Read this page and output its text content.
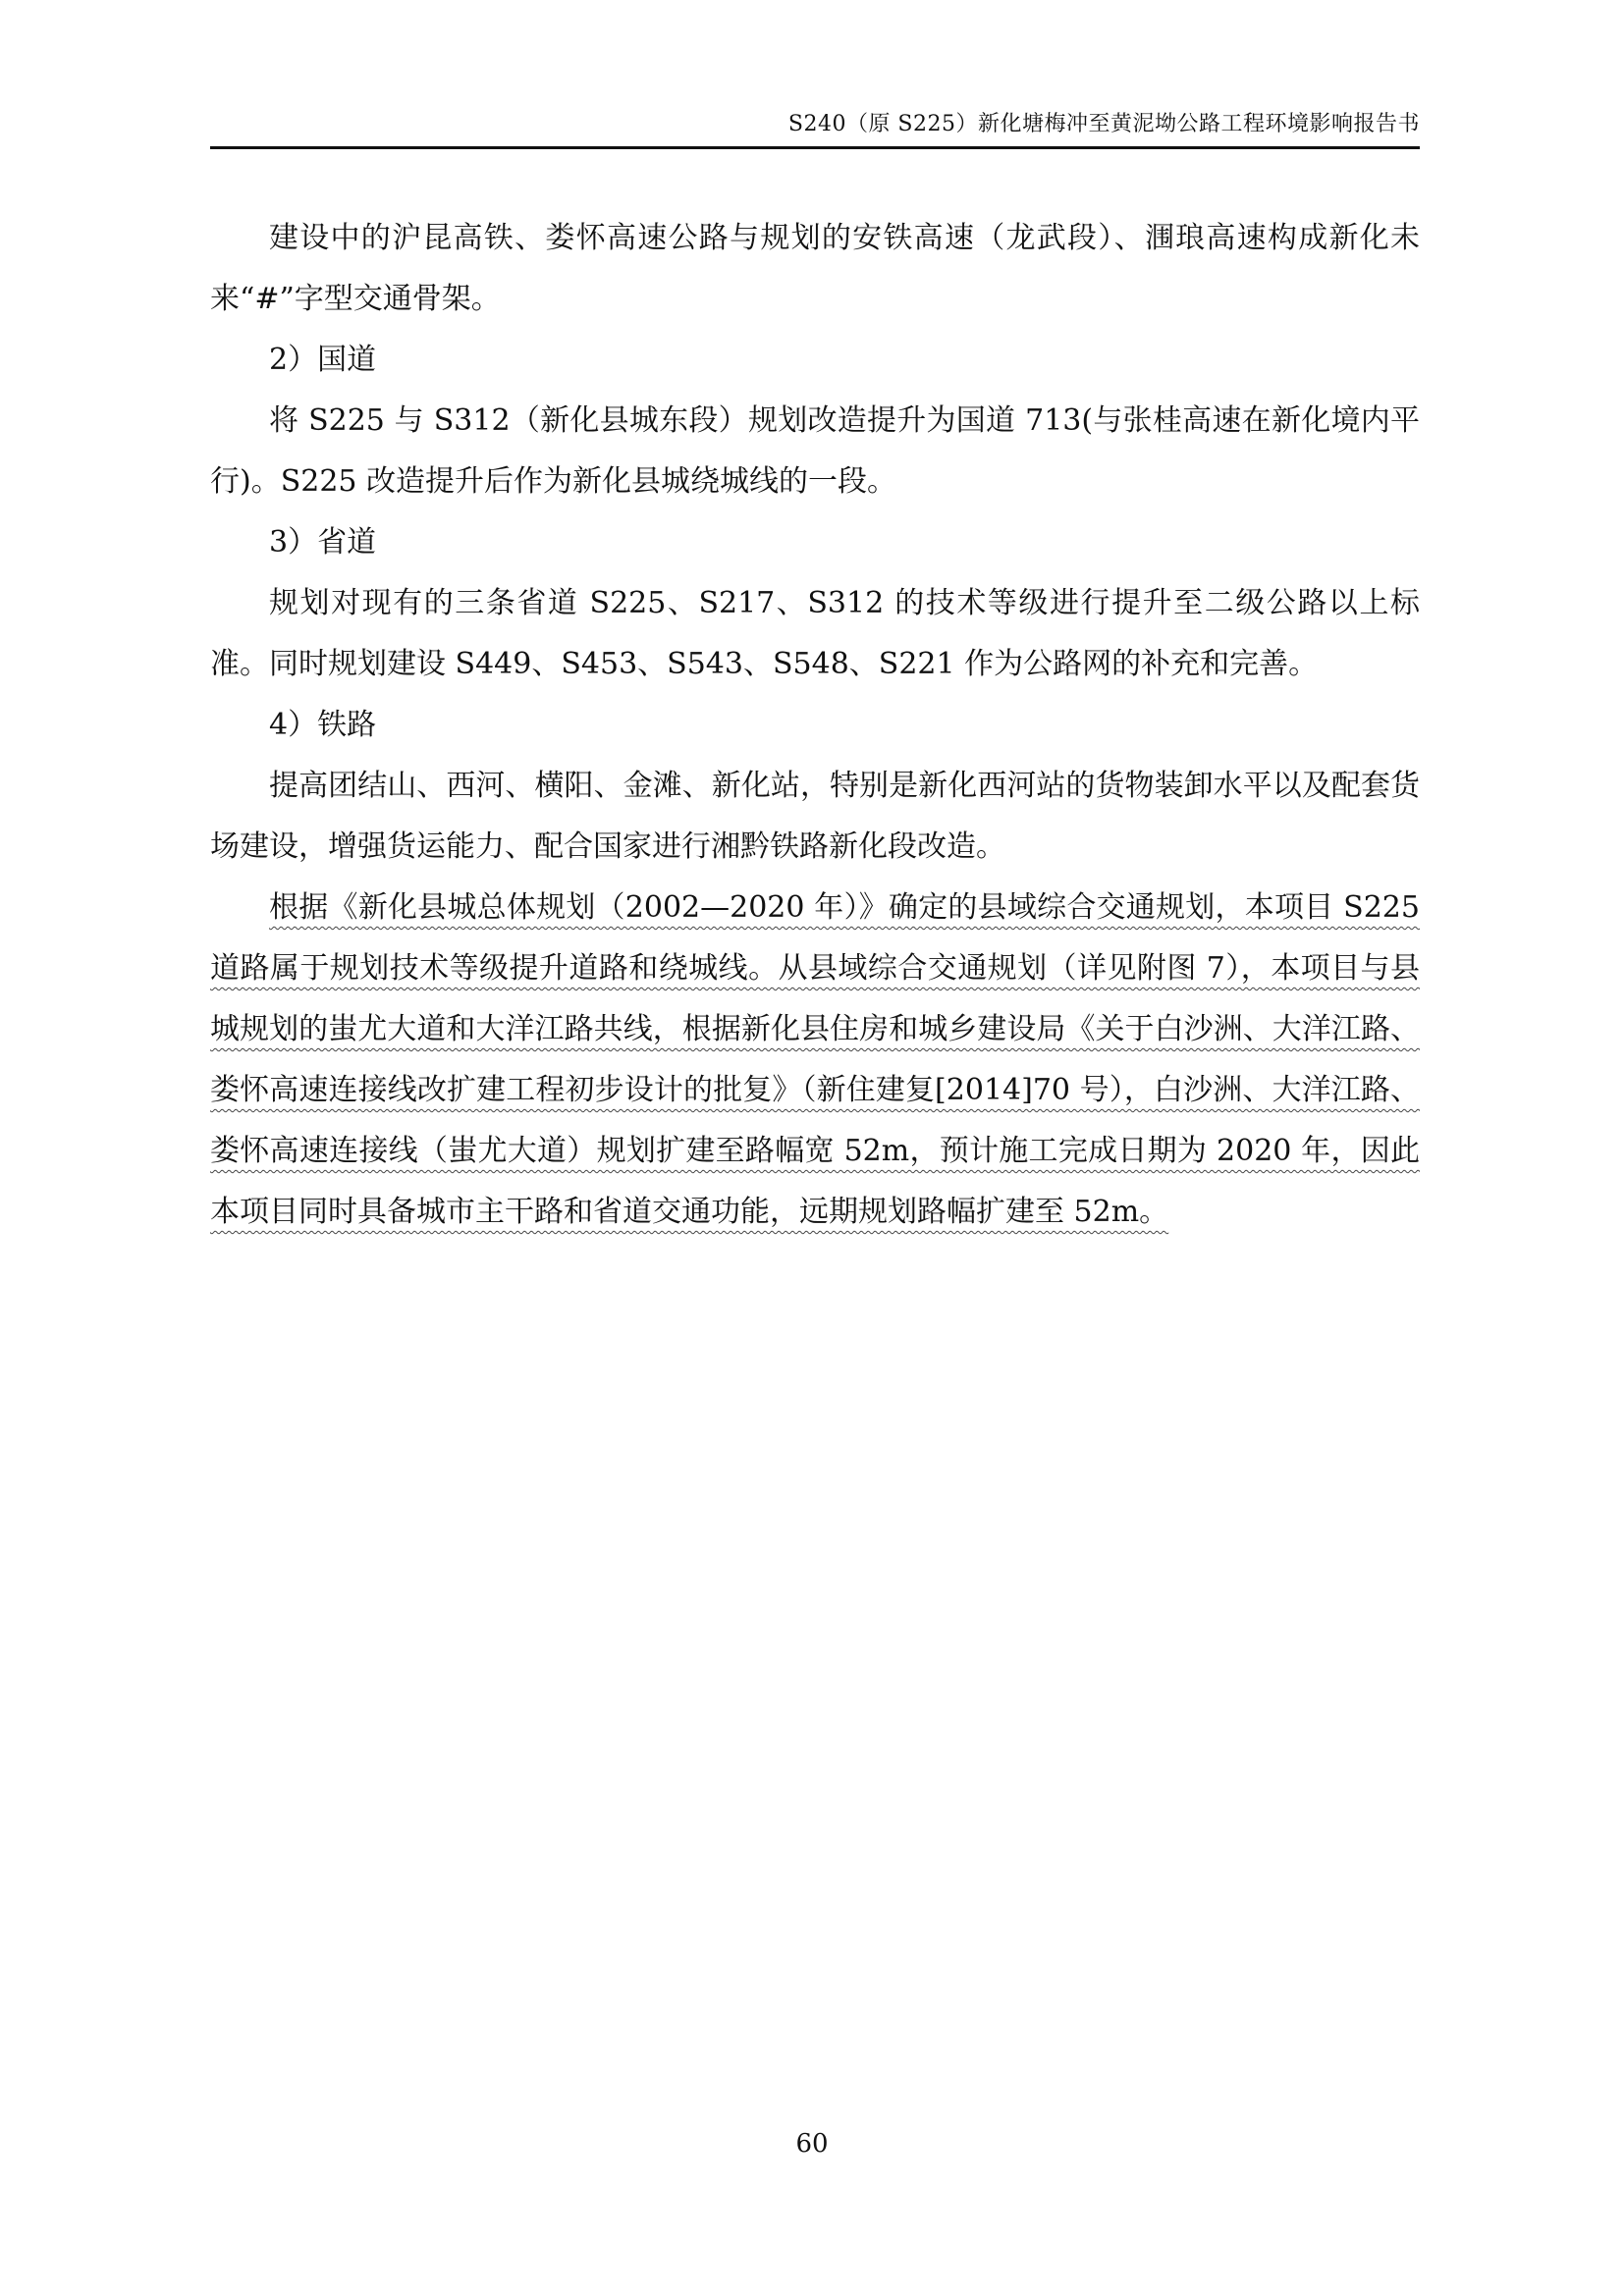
S240（原 S225）新化塘梅冲至黄泥坳公路工程环境影响报告书

建设中的沪昆高铁、娄怀高速公路与规划的安铁高速（龙武段）、涠琅高速构成新化未来“#”字型交通骨架。

2）国道

将 S225 与 S312（新化县城东段）规划改造提升为国道 713(与张桂高速在新化境内平行)。S225 改造提升后作为新化县城绕城线的一段。

3）省道

规划对现有的三条省道 S225、S217、S312 的技术等级进行提升至二级公路以上标准。同时规划建设 S449、S453、S543、S548、S221 作为公路网的补充和完善。

4）铁路

提高团结山、西河、横阳、金滩、新化站，特别是新化西河站的货物装卸水平以及配套货场建设，增强货运能力、配合国家进行湘黔铁路新化段改造。

根据《新化县城总体规划（2002—2020 年）》确定的县域综合交通规划，本项目 S225 道路属于规划技术等级提升道路和绕城线。从县域综合交通规划（详见附图 7），本项目与县城规划的蚩尤大道和大洋江路共线，根据新化县住房和城乡建设局《关于白沙洲、大洋江路、娄怀高速连接线改扩建工程初步设计的批复》（新住建复[2014]70 号），白沙洲、大洋江路、娄怀高速连接线（蚩尤大道）规划扩建至路幅宽 52m，预计施工完成日期为 2020 年，因此本项目同时具备城市主干路和省道交通功能，远期规划路幅扩建至 52m。

60
